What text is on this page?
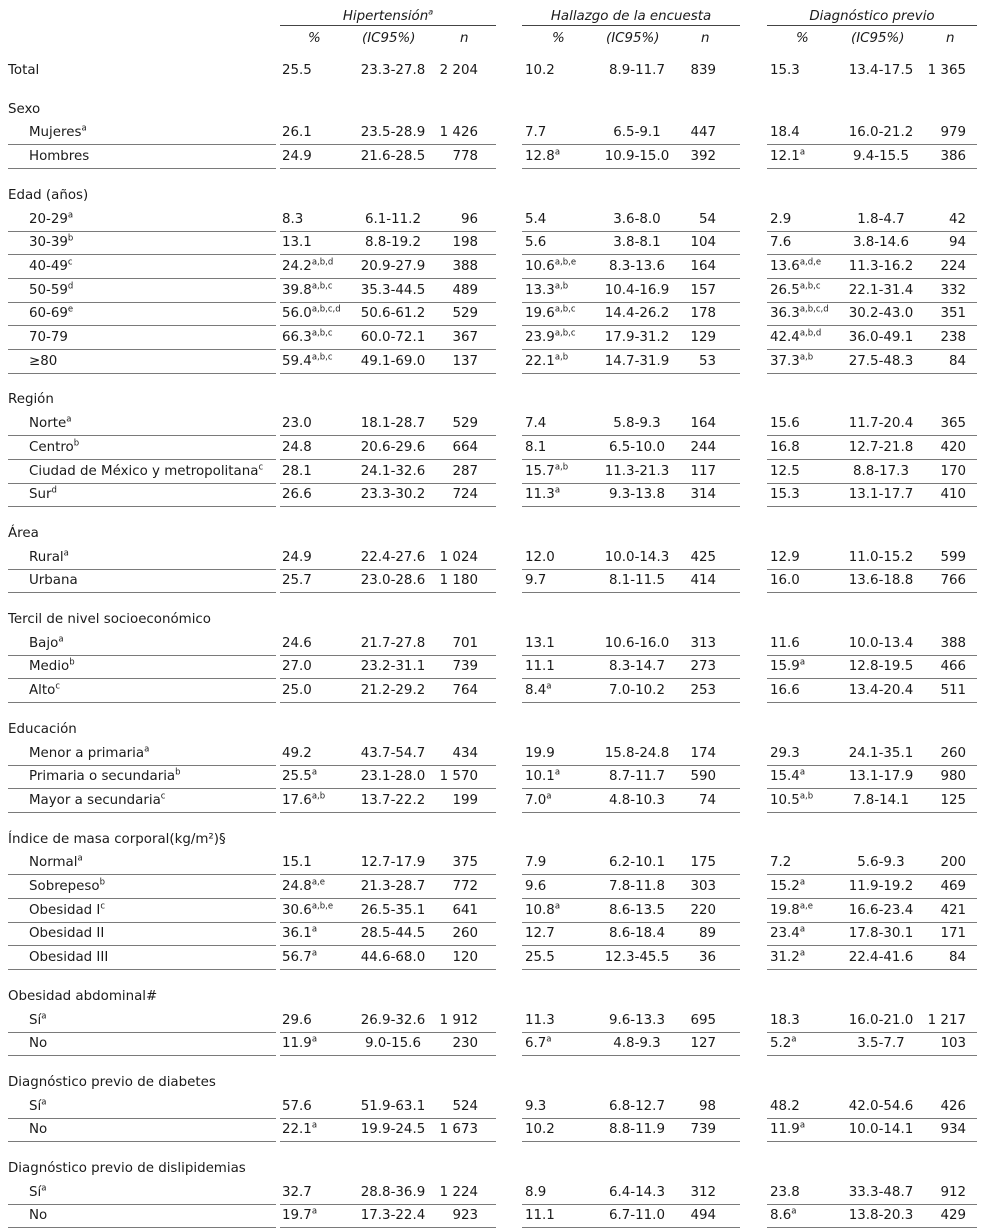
Hipertensión$^a$	Hallazgo de la encuesta	Diagnóstico previo
%	(IC95%)	n	%	(IC95%)	n	%	(IC95%)	n
Total	25.5	23.3-27.8	2 204	10.2	8.9-11.7	839	15.3	13.4-17.5	1 365
Sexo
Mujeres$^a$	26.1	23.5-28.9	1 426	7.7	6.5-9.1	447	18.4	16.0-21.2	979
Hombres	24.9	21.6-28.5	778	12.8$^a$	10.9-15.0	392	12.1$^a$	9.4-15.5	386
Edad (años)
20-29$^a$	8.3	6.1-11.2	96	5.4	3.6-8.0	54	2.9	1.8-4.7	42
30-39$^b$	13.1	8.8-19.2	198	5.6	3.8-8.1	104	7.6	3.8-14.6	94
40-49$^c$	24.2$^{a,b,d}$	20.9-27.9	388	10.6$^{a,b,e}$	8.3-13.6	164	13.6$^{a,d,e}$	11.3-16.2	224
50-59$^d$	39.8$^{a,b,c}$	35.3-44.5	489	13.3$^{a,b}$	10.4-16.9	157	26.5$^{a,b,c}$	22.1-31.4	332
60-69e	56.0$^{a,b,c,d}$	50.6-61.2	529	19.6$^{a,b,c}$	14.4-26.2	178	36.3$^{a,b,c,d}$	30.2-43.0	351
70-79	66.3$^{a,b,c}$	60.0-72.1	367	23.9$^{a,b,c}$	17.9-31.2	129	42.4$^{a,b,d}$	36.0-49.1	238
≥80	59.4$^{a,b,c}$	49.1-69.0	137	22.1$^{a,b}$	14.7-31.9	53	37.3$^{a,b}$	27.5-48.3	84
Región
Norte$^a$	23.0	18.1-28.7	529	7.4	5.8-9.3	164	15.6	11.7-20.4	365
Centro$^b$	24.8	20.6-29.6	664	8.1	6.5-10.0	244	16.8	12.7-21.8	420
Ciudad de México y metropolitana$^c$ 28.1	24.1-32.6	287	15.7$^{a,b}$	11.3-21.3	117	12.5	8.8-17.3	170
Sur$^d$	26.6	23.3-30.2	724	11.3$^a$	9.3-13.8	314	15.3	13.1-17.7	410
Área
Rural$^a$	24.9	22.4-27.6	1 024	12.0	10.0-14.3	425	12.9	11.0-15.2	599
Urbana	25.7	23.0-28.6	1 180	9.7	8.1-11.5	414	16.0	13.6-18.8	766
Tercil de nivel socioeconómico
Bajo$^a$	24.6	21.7-27.8	701	13.1	10.6-16.0	313	11.6	10.0-13.4	388
Medio$^b$	27.0	23.2-31.1	739	11.1	8.3-14.7	273	15.9$^a$	12.8-19.5	466
Alto$^c$	25.0	21.2-29.2	764	8.4$^a$	7.0-10.2	253	16.6	13.4-20.4	511
Educación
Menor a primaria$^a$	49.2	43.7-54.7	434	19.9	15.8-24.8	174	29.3	24.1-35.1	260
Primaria o secundaria$^b$	25.5$^a$	23.1-28.0	1 570	10.1$^a$	8.7-11.7	590	15.4$^a$	13.1-17.9	980
Mayor a secundaria$^c$	17.6$^{a,b}$	13.7-22.2	199	7.0$^a$	4.8-10.3	74	10.5$^{a,b}$	7.8-14.1	125
Índice de masa corporal(kg/m²)§
Normal$^a$	15.1	12.7-17.9	375	7.9	6.2-10.1	175	7.2	5.6-9.3	200
Sobrepeso$^b$	24.8$^{a,e}$	21.3-28.7	772	9.6	7.8-11.8	303	15.2$^a$	11.9-19.2	469
Obesidad $I^c$	30.6$^{a,b,e}$	26.5-35.1	641	10.8$^a$	8.6-13.5	220	19.8$^{a,e}$	16.6-23.4	421
Obesidad II	36.1$^a$	28.5-44.5	260	12.7	8.6-18.4	89	23.4$^a$	17.8-30.1	171
Obesidad III	56.7$^a$	44.6-68.0	120	25.5	12.3-45.5	36	31.2$^a$	22.4-41.6	84
Obesidad abdominal#
$Sí^a$	29.6	26.9-32.6	1 912	11.3	9.6-13.3	695	18.3	16.0-21.0	1 217
No	11.9$^a$	9.0-15.6	230	6.7$^a$	4.8-9.3	127	5.2$^a$	3.5-7.7	103
Diagnóstico previo de diabetes
$Sí^a$	57.6	51.9-63.1	524	9.3	6.8-12.7	98	48.2	42.0-54.6	426
No	22.1$^a$	19.9-24.5	1 673	10.2	8.8-11.9	739	11.9$^a$	10.0-14.1	934
Diagnóstico previo de dislipidemias
$Sí^a$	32.7	28.8-36.9	1 224	8.9	6.4-14.3	312	23.8	33.3-48.7	912
No	19.7$^a$	17.3-22.4	923	11.1	6.7-11.0	494	8.6$^a$	13.8-20.3	429
